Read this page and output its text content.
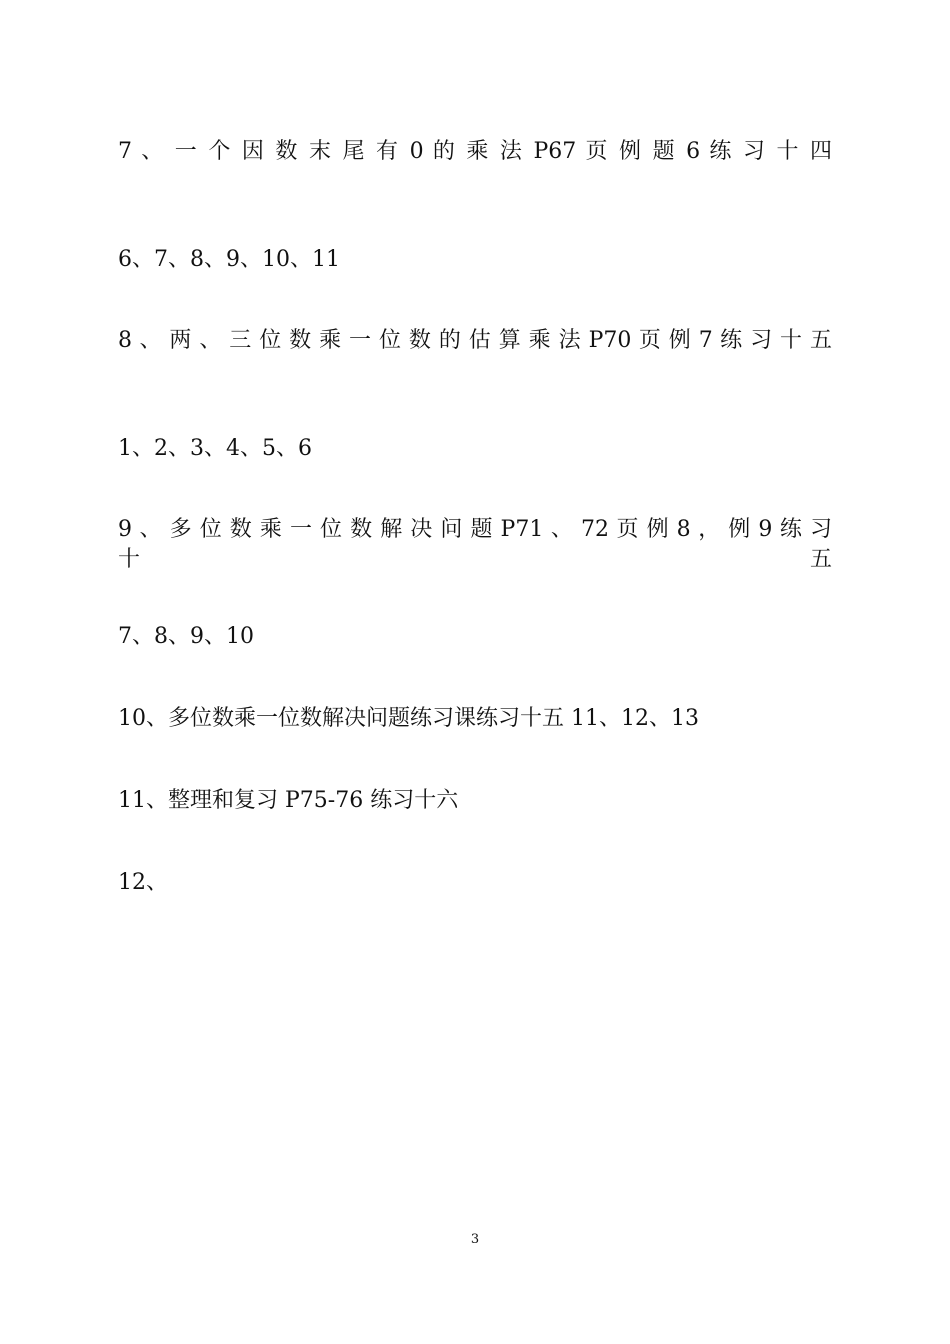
7 、 一 个 因 数 末 尾 有 0 的 乘 法 P67 页 例 题 6 练 习 十 四

6、7、8、9、10、11

8 、 两 、 三 位 数 乘 一 位 数 的 估 算 乘 法 P70 页 例 7 练 习 十 五

1、2、3、4、5、6

9 、 多 位 数 乘 一 位 数 解 决 问 题 P71 、 72 页 例 8 ， 例 9 练 习 十 五

7、8、9、10

10、多位数乘一位数解决问题练习课练习十五 11、12、13

11、整理和复习 P75-76 练习十六

12、

3
